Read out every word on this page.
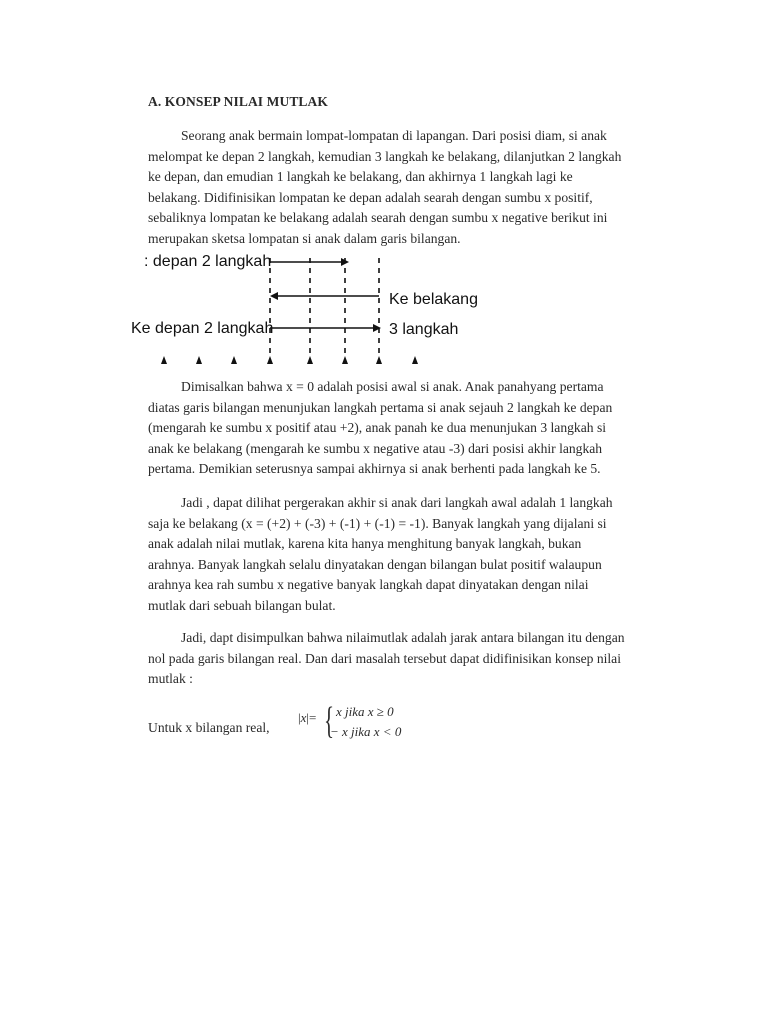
A. KONSEP NILAI MUTLAK
Seorang anak bermain lompat-lompatan di lapangan. Dari posisi diam, si anak
melompat ke depan 2 langkah, kemudian 3 langkah ke belakang, dilanjutkan 2 langkah
ke depan, dan emudian 1 langkah ke belakang, dan akhirnya 1 langkah lagi ke
belakang. Didifinisikan lompatan ke depan adalah searah dengan sumbu x positif,
sebaliknya lompatan ke belakang adalah searah dengan sumbu x negative berikut ini
merupakan sketsa lompatan si anak dalam garis bilangan.
: depan 2 langkah
Ke depan 2 langkah
Ke belakang
3 langkah
Dimisalkan bahwa x = 0 adalah posisi awal si anak. Anak panahyang pertama
diatas garis bilangan menunjukan langkah pertama si anak sejauh 2 langkah ke depan
(mengarah ke sumbu x positif atau +2), anak panah ke dua menunjukan 3 langkah si
anak ke belakang (mengarah ke sumbu x negative atau -3) dari posisi akhir langkah
pertama. Demikian seterusnya sampai akhirnya si anak berhenti pada langkah ke 5.
Jadi , dapat dilihat pergerakan akhir si anak dari langkah awal adalah 1 langkah
saja ke belakang (x = (+2) + (-3) + (-1) + (-1) = -1). Banyak langkah yang dijalani si
anak adalah nilai mutlak, karena kita hanya menghitung banyak langkah, bukan
arahnya. Banyak langkah selalu dinyatakan dengan bilangan bulat positif walaupun
arahnya kea rah sumbu x negative banyak langkah dapat dinyatakan dengan nilai
mutlak dari sebuah bilangan bulat.
Jadi, dapt disimpulkan bahwa nilaimutlak adalah jarak antara bilangan itu dengan
nol pada garis bilangan real. Dan dari masalah tersebut dapat didifinisikan konsep nilai
mutlak :
Untuk x bilangan real,
|x|= { x jika x ≥ 0
− x jika x < 0
